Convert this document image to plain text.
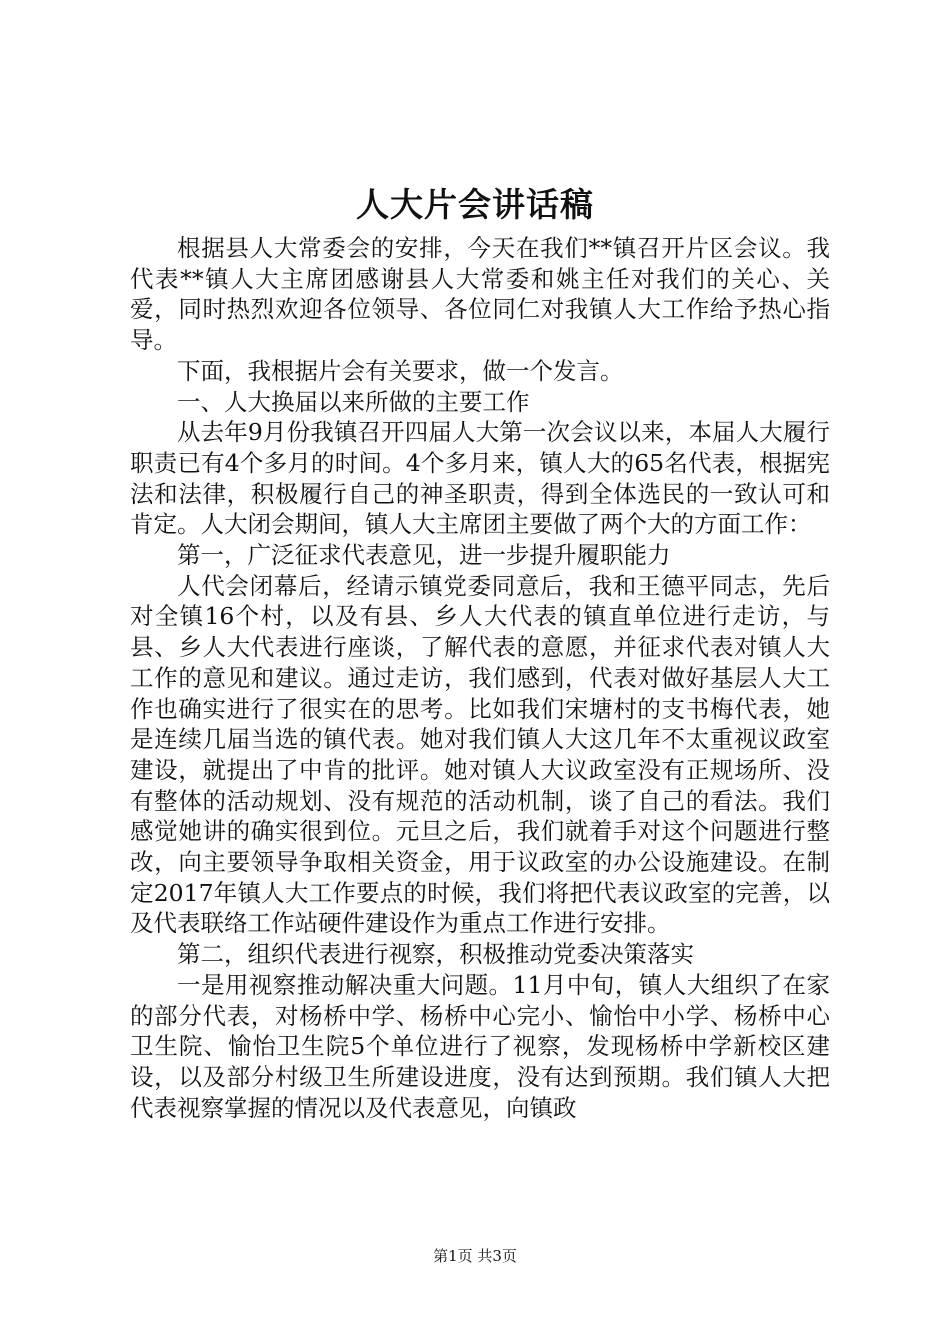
人大片会讲话稿

根据县人大常委会的安排，今天在我们**镇召开片区会议。我代表**镇人大主席团感谢县人大常委和姚主任对我们的关心、关爱，同时热烈欢迎各位领导、各位同仁对我镇人大工作给予热心指导。

下面，我根据片会有关要求，做一个发言。

一、人大换届以来所做的主要工作

从去年9月份我镇召开四届人大第一次会议以来，本届人大履行职责已有4个多月的时间。4个多月来，镇人大的65名代表，根据宪法和法律，积极履行自己的神圣职责，得到全体选民的一致认可和肯定。人大闭会期间，镇人大主席团主要做了两个大的方面工作：

第一，广泛征求代表意见，进一步提升履职能力

人代会闭幕后，经请示镇党委同意后，我和王德平同志，先后对全镇16个村，以及有县、乡人大代表的镇直单位进行走访，与县、乡人大代表进行座谈，了解代表的意愿，并征求代表对镇人大工作的意见和建议。通过走访，我们感到，代表对做好基层人大工作也确实进行了很实在的思考。比如我们宋塘村的支书梅代表，她是连续几届当选的镇代表。她对我们镇人大这几年不太重视议政室建设，就提出了中肯的批评。她对镇人大议政室没有正规场所、没有整体的活动规划、没有规范的活动机制，谈了自己的看法。我们感觉她讲的确实很到位。元旦之后，我们就着手对这个问题进行整改，向主要领导争取相关资金，用于议政室的办公设施建设。在制定2017年镇人大工作要点的时候，我们将把代表议政室的完善，以及代表联络工作站硬件建设作为重点工作进行安排。

第二，组织代表进行视察，积极推动党委决策落实

一是用视察推动解决重大问题。11月中旬，镇人大组织了在家的部分代表，对杨桥中学、杨桥中心完小、愉怡中小学、杨桥中心卫生院、愉怡卫生院5个单位进行了视察，发现杨桥中学新校区建设，以及部分村级卫生所建设进度，没有达到预期。我们镇人大把代表视察掌握的情况以及代表意见，向镇政

第1页 共3页
